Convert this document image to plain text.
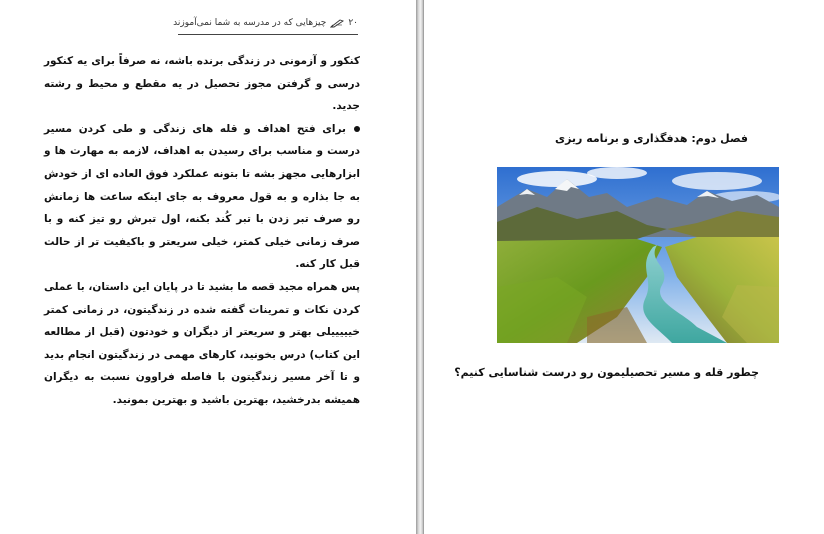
۲۰
چیزهایی که در مدرسه به شما نمی‌آموزند

کنکور و آزمونی در زندگی برنده باشه، نه صرفاً برای یه کنکور درسی و گرفتن مجوز تحصیل در یه مقطع و محیط و رشته جدید.

برای فتح اهداف و قله های زندگی و طی کردن مسیر درست و مناسب برای رسیدن به اهداف، لازمه به مهارت ها و ابزارهایی مجهز بشه تا بتونه عملکرد فوق العاده ای از خودش به جا بذاره و به قول معروف به جای اینکه ساعت ها زمانش رو صرف تبر زدن با تبر کُند بکنه، اول تبرش رو تیز کنه و با صرف زمانی خیلی کمتر، خیلی سریعتر و باکیفیت تر از حالت قبل کار کنه.

پس همراه مجید قصه ما بشید تا در پایان این داستان، با عملی کردن نکات و تمرینات گفته شده در زندگیتون، در زمانی کمتر خیییییلی بهتر و سریعتر از دیگران و خودتون (قبل از مطالعه این کتاب) درس بخونید، کارهای مهمی در زندگیتون انجام بدید و تا آخر مسیر زندگیتون با فاصله فراوون نسبت به دیگران همیشه بدرخشید، بهترین باشید و بهترین بمونید.

فصل دوم: هدفگذاری و برنامه ریزی
چطور قله و مسیر تحصیلیمون رو درست شناسایی کنیم؟
